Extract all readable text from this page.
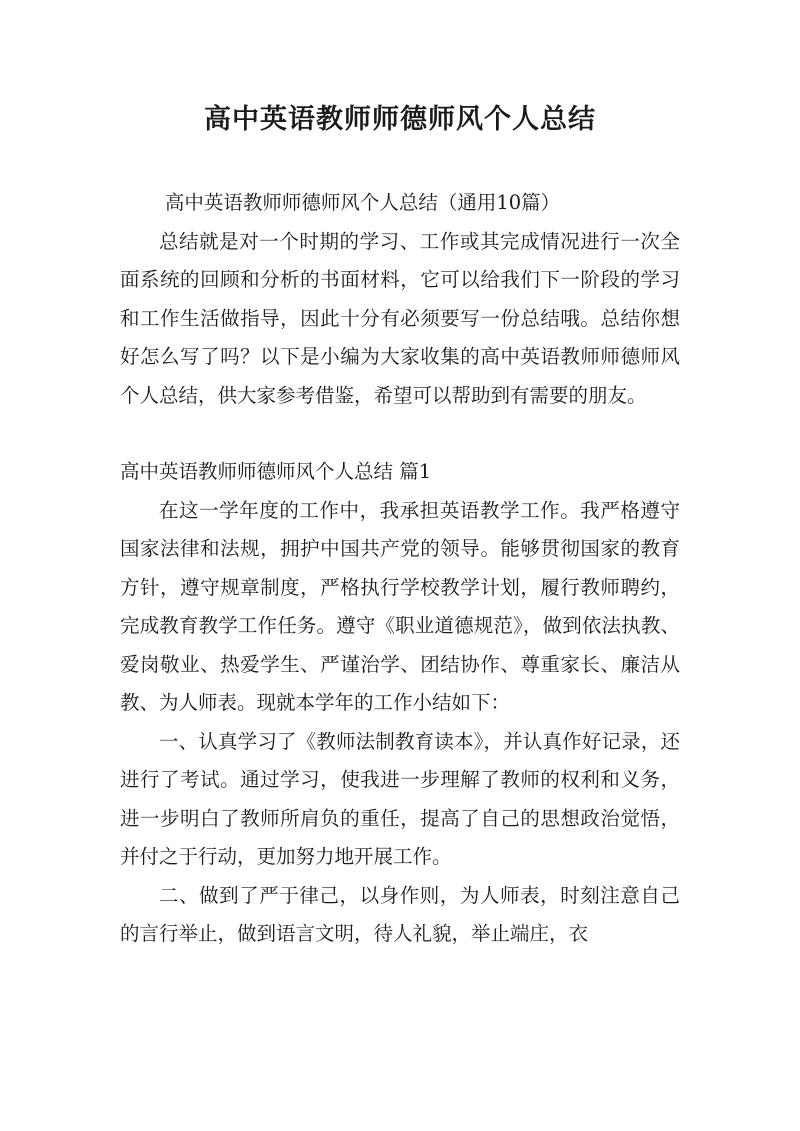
高中英语教师师德师风个人总结

高中英语教师师德师风个人总结（通用10篇）

总结就是对一个时期的学习、工作或其完成情况进行一次全面系统的回顾和分析的书面材料，它可以给我们下一阶段的学习和工作生活做指导，因此十分有必须要写一份总结哦。总结你想好怎么写了吗？以下是小编为大家收集的高中英语教师师德师风个人总结，供大家参考借鉴，希望可以帮助到有需要的朋友。

高中英语教师师德师风个人总结 篇1

在这一学年度的工作中，我承担英语教学工作。我严格遵守国家法律和法规，拥护中国共产党的领导。能够贯彻国家的教育方针，遵守规章制度，严格执行学校教学计划，履行教师聘约，完成教育教学工作任务。遵守《职业道德规范》，做到依法执教、爱岗敬业、热爱学生、严谨治学、团结协作、尊重家长、廉洁从教、为人师表。现就本学年的工作小结如下：

一、认真学习了《教师法制教育读本》，并认真作好记录，还进行了考试。通过学习，使我进一步理解了教师的权利和义务，进一步明白了教师所肩负的重任，提高了自己的思想政治觉悟，并付之于行动，更加努力地开展工作。

二、做到了严于律己，以身作则，为人师表，时刻注意自己的言行举止，做到语言文明，待人礼貌，举止端庄，衣
